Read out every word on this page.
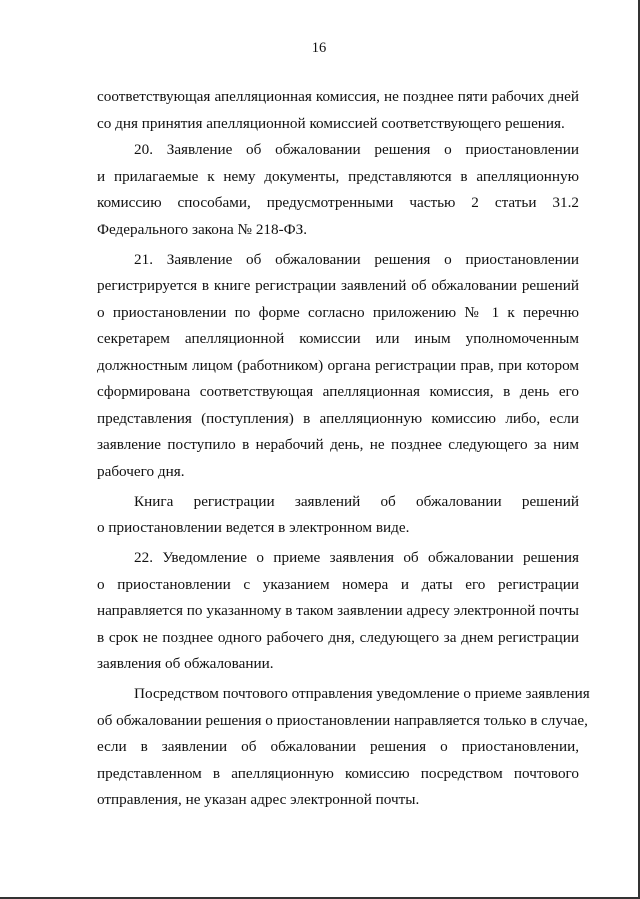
16
соответствующая апелляционная комиссия, не позднее пяти рабочих дней
со дня принятия апелляционной комиссией соответствующего решения.
20. Заявление об обжаловании решения о приостановлении
и прилагаемые к нему документы, представляются в апелляционную
комиссию способами, предусмотренными частью 2 статьи 31.2
Федерального закона № 218-ФЗ.
21. Заявление об обжаловании решения о приостановлении
регистрируется в книге регистрации заявлений об обжаловании решений
о приостановлении по форме согласно приложению № 1 к перечню
секретарем апелляционной комиссии или иным уполномоченным
должностным лицом (работником) органа регистрации прав, при котором
сформирована соответствующая апелляционная комиссия, в день его
представления (поступления) в апелляционную комиссию либо, если
заявление поступило в нерабочий день, не позднее следующего за ним
рабочего дня.
Книга регистрации заявлений об обжаловании решений
о приостановлении ведется в электронном виде.
22. Уведомление о приеме заявления об обжаловании решения
о приостановлении с указанием номера и даты его регистрации
направляется по указанному в таком заявлении адресу электронной почты
в срок не позднее одного рабочего дня, следующего за днем регистрации
заявления об обжаловании.
Посредством почтового отправления уведомление о приеме заявления
об обжаловании решения о приостановлении направляется только в случае,
если в заявлении об обжаловании решения о приостановлении,
представленном в апелляционную комиссию посредством почтового
отправления, не указан адрес электронной почты.
